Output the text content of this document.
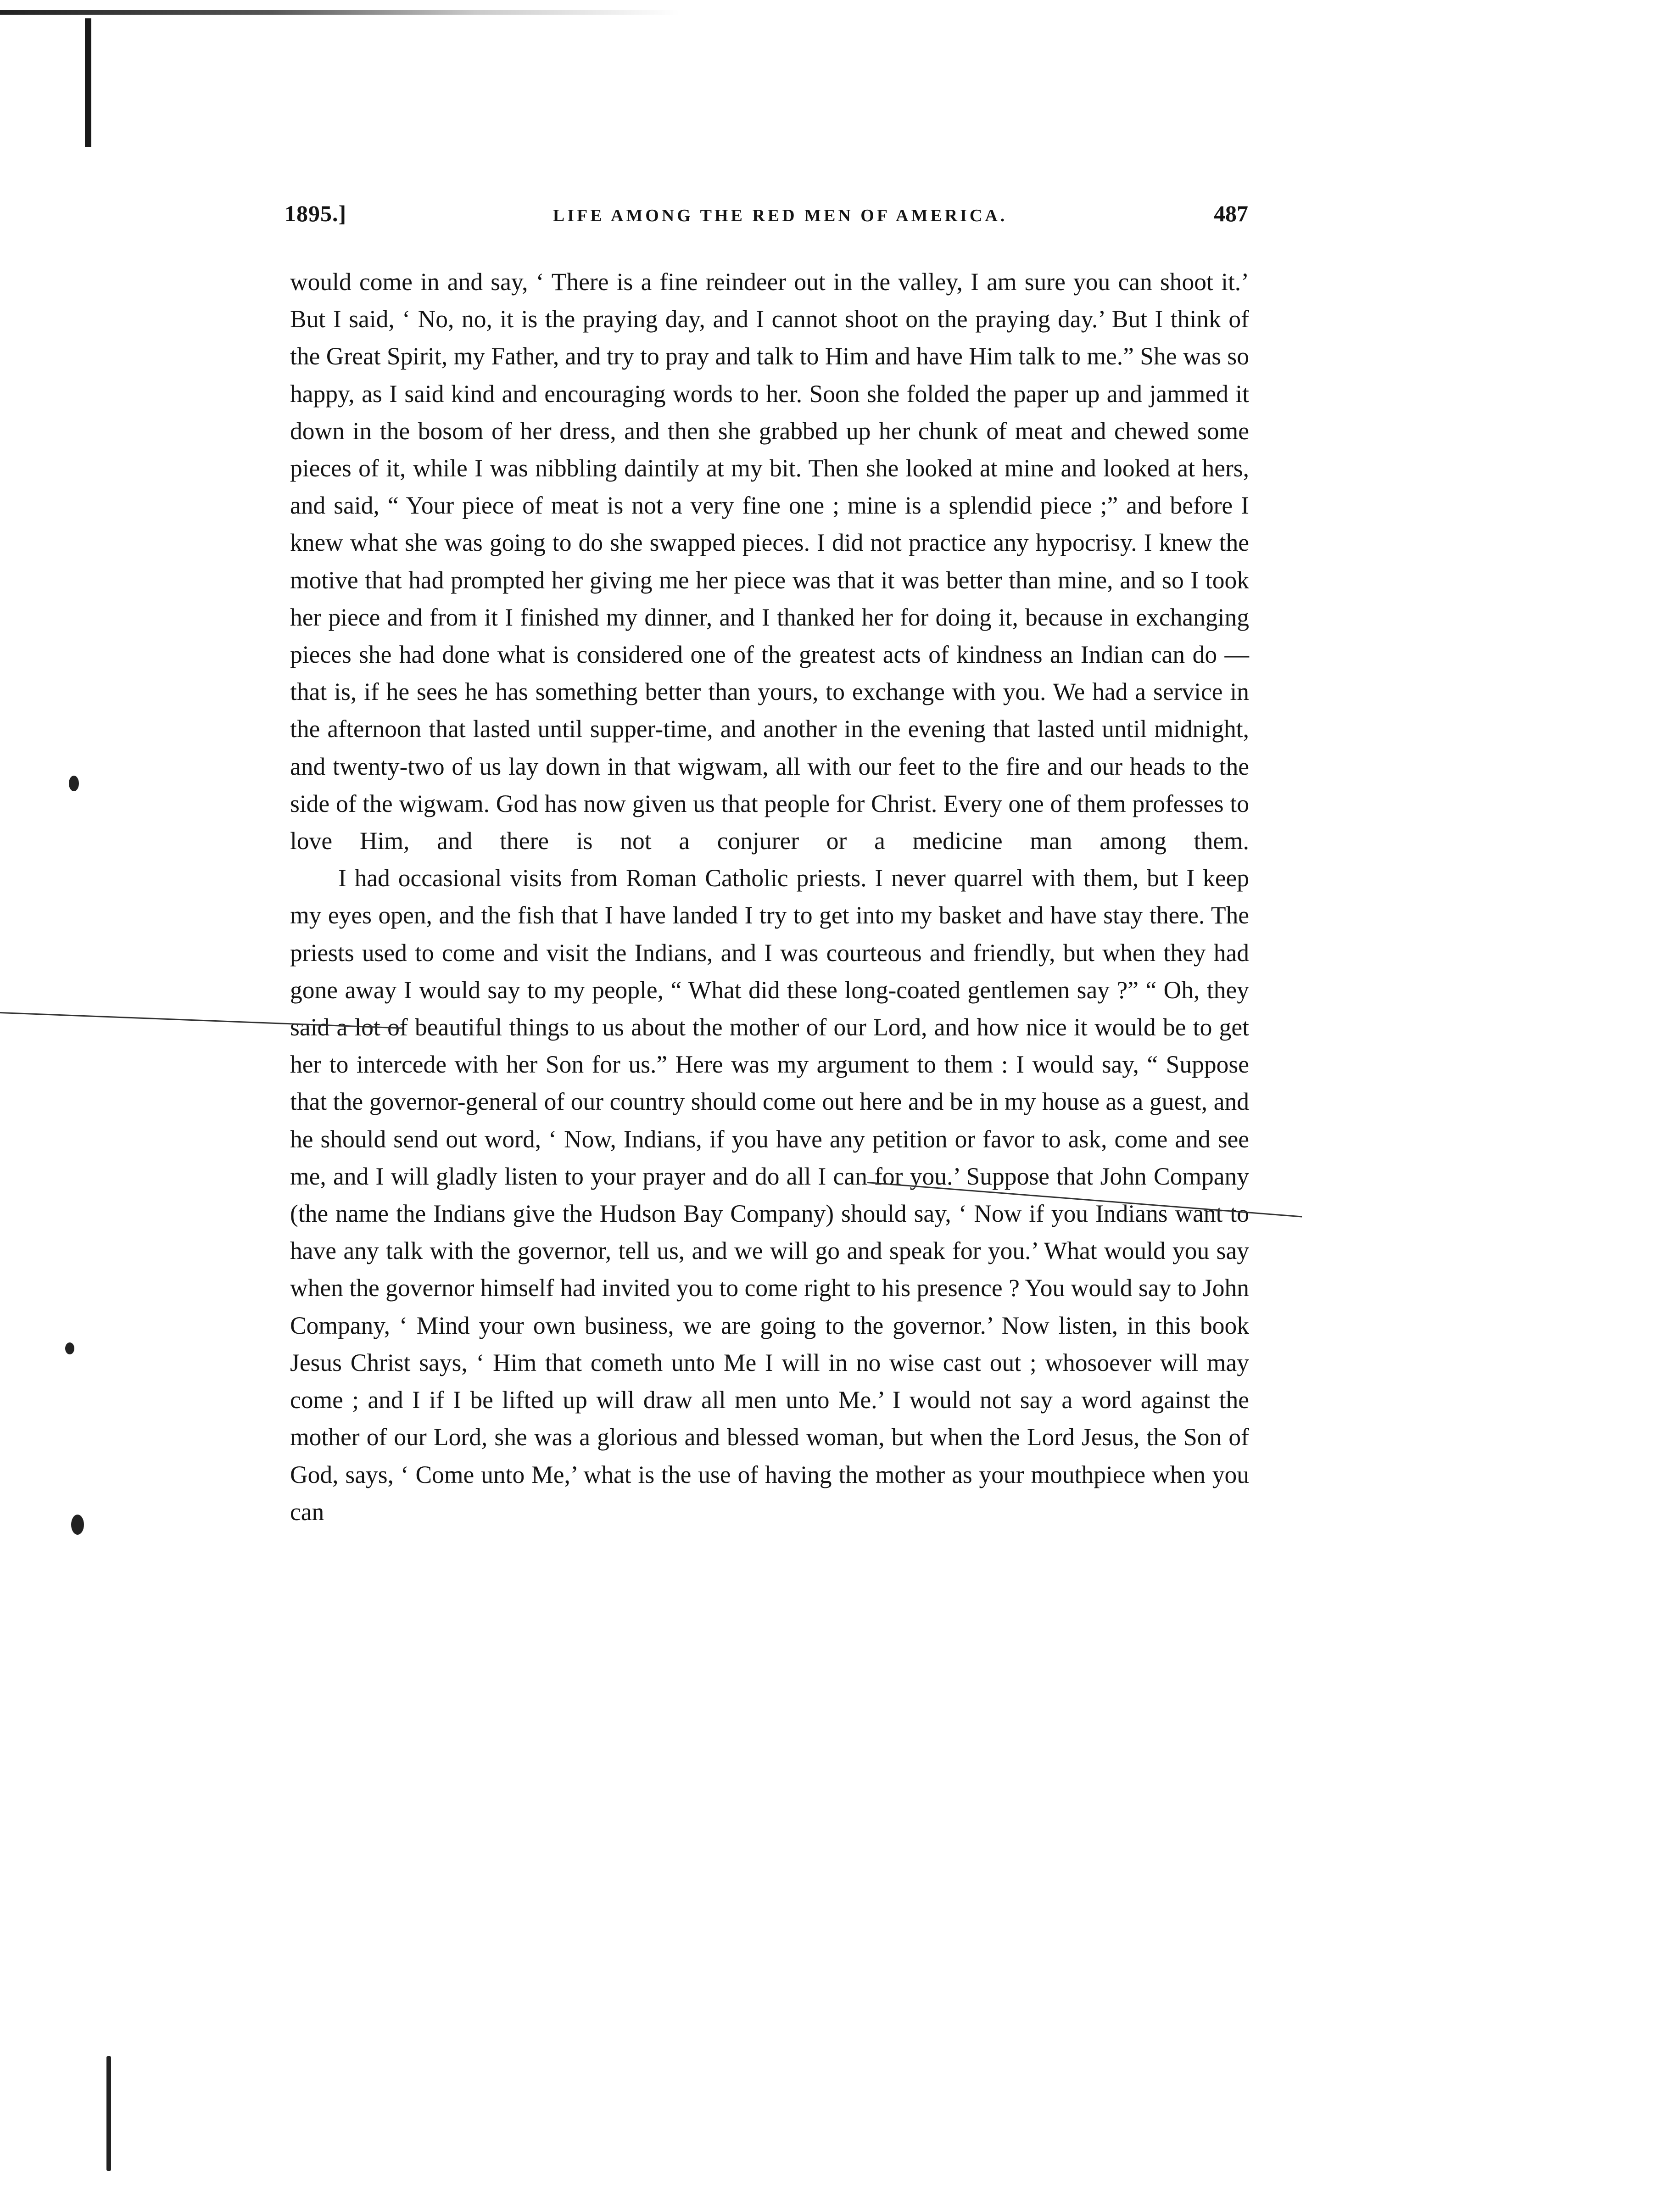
1895.]	LIFE AMONG THE RED MEN OF AMERICA.	487

would come in and say, ‘ There is a fine reindeer out in the valley, I am sure you can shoot it.’ But I said, ‘ No, no, it is the praying day, and I cannot shoot on the praying day.’ But I think of the Great Spirit, my Father, and try to pray and talk to Him and have Him talk to me.” She was so happy, as I said kind and encouraging words to her. Soon she folded the paper up and jammed it down in the bosom of her dress, and then she grabbed up her chunk of meat and chewed some pieces of it, while I was nibbling daintily at my bit. Then she looked at mine and looked at hers, and said, “ Your piece of meat is not a very fine one ; mine is a splendid piece ;” and before I knew what she was going to do she swapped pieces. I did not practice any hypocrisy. I knew the motive that had prompted her giving me her piece was that it was better than mine, and so I took her piece and from it I finished my dinner, and I thanked her for doing it, because in exchanging pieces she had done what is considered one of the greatest acts of kindness an Indian can do —that is, if he sees he has something better than yours, to exchange with you. We had a service in the afternoon that lasted until supper-time, and another in the evening that lasted until midnight, and twenty-two of us lay down in that wigwam, all with our feet to the fire and our heads to the side of the wigwam. God has now given us that people for Christ. Every one of them professes to love Him, and there is not a conjurer or a medicine man among them.

I had occasional visits from Roman Catholic priests. I never quarrel with them, but I keep my eyes open, and the fish that I have landed I try to get into my basket and have stay there. The priests used to come and visit the Indians, and I was courteous and friendly, but when they had gone away I would say to my people, “ What did these long-coated gentlemen say ?” “ Oh, they said a lot of beautiful things to us about the mother of our Lord, and how nice it would be to get her to intercede with her Son for us.” Here was my argument to them : I would say, “ Suppose that the governor-general of our country should come out here and be in my house as a guest, and he should send out word, ‘ Now, Indians, if you have any petition or favor to ask, come and see me, and I will gladly listen to your prayer and do all I can for you.’ Suppose that John Company (the name the Indians give the Hudson Bay Company) should say, ‘ Now if you Indians want to have any talk with the governor, tell us, and we will go and speak for you.’ What would you say when the governor himself had invited you to come right to his presence ? You would say to John Company, ‘ Mind your own business, we are going to the governor.’ Now listen, in this book Jesus Christ says, ‘ Him that cometh unto Me I will in no wise cast out ; whosoever will may come ; and I if I be lifted up will draw all men unto Me.’ I would not say a word against the mother of our Lord, she was a glorious and blessed woman, but when the Lord Jesus, the Son of God, says, ‘ Come unto Me,’ what is the use of having the mother as your mouthpiece when you can
